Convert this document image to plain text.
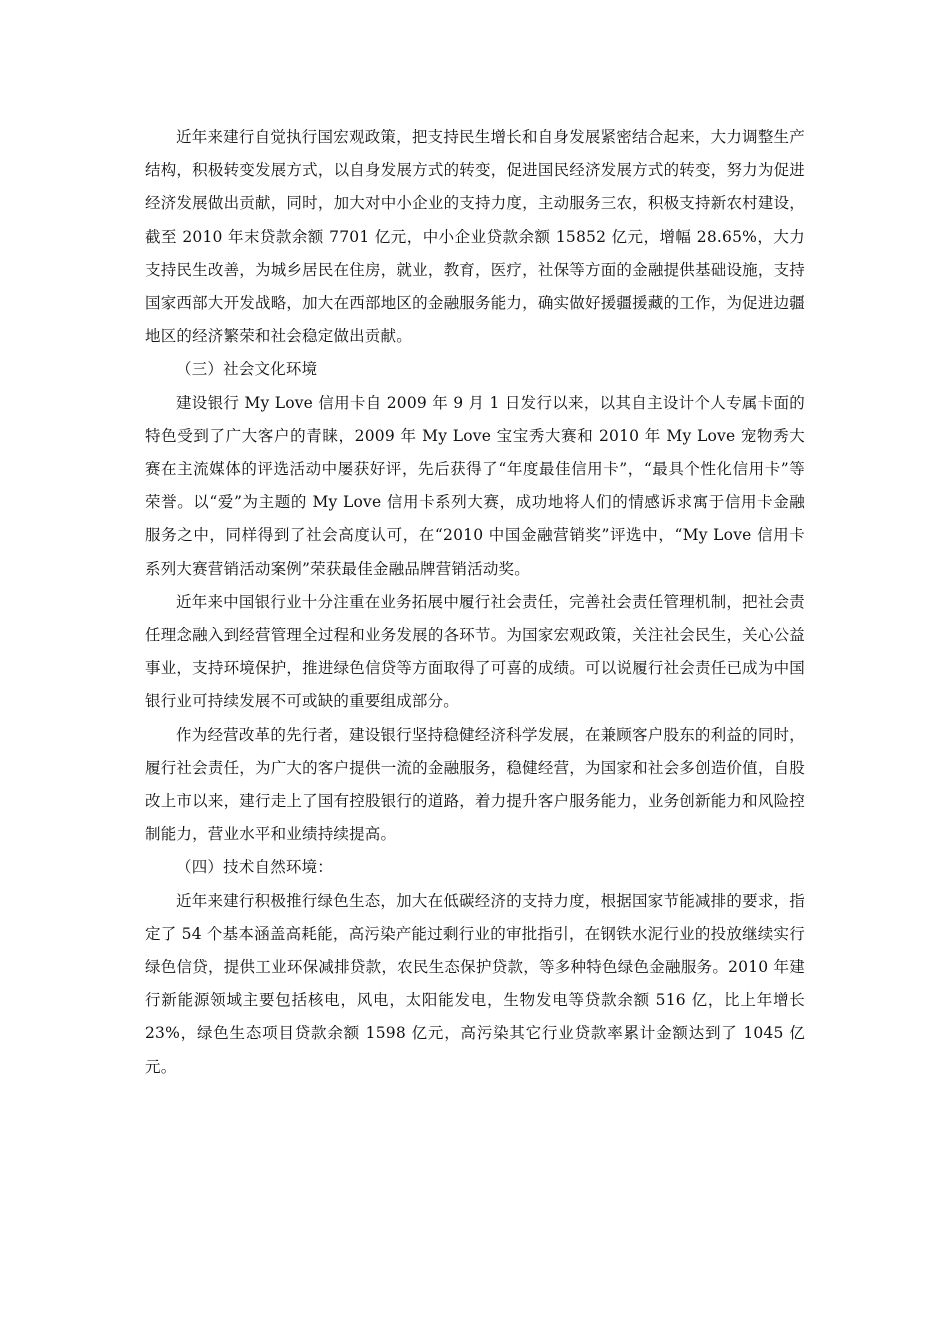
近年来建行自觉执行国宏观政策，把支持民生增长和自身发展紧密结合起来，大力调整生产结构，积极转变发展方式，以自身发展方式的转变，促进国民经济发展方式的转变，努力为促进经济发展做出贡献，同时，加大对中小企业的支持力度，主动服务三农，积极支持新农村建设，截至 2010 年末贷款余额 7701 亿元，中小企业贷款余额 15852 亿元，增幅 28.65%，大力支持民生改善，为城乡居民在住房，就业，教育，医疗，社保等方面的金融提供基础设施，支持国家西部大开发战略，加大在西部地区的金融服务能力，确实做好援疆援藏的工作，为促进边疆地区的经济繁荣和社会稳定做出贡献。

（三）社会文化环境

建设银行 My Love 信用卡自 2009 年 9 月 1 日发行以来，以其自主设计个人专属卡面的特色受到了广大客户的青睐，2009 年 My Love 宝宝秀大赛和 2010 年 My Love 宠物秀大赛在主流媒体的评选活动中屡获好评，先后获得了“年度最佳信用卡”，“最具个性化信用卡”等荣誉。以“爱”为主题的 My Love 信用卡系列大赛，成功地将人们的情感诉求寓于信用卡金融服务之中，同样得到了社会高度认可，在“2010 中国金融营销奖”评选中，“My Love 信用卡系列大赛营销活动案例”荣获最佳金融品牌营销活动奖。

近年来中国银行业十分注重在业务拓展中履行社会责任，完善社会责任管理机制，把社会责任理念融入到经营管理全过程和业务发展的各环节。为国家宏观政策，关注社会民生，关心公益事业，支持环境保护，推进绿色信贷等方面取得了可喜的成绩。可以说履行社会责任已成为中国银行业可持续发展不可或缺的重要组成部分。

作为经营改革的先行者，建设银行坚持稳健经济科学发展，在兼顾客户股东的利益的同时，履行社会责任，为广大的客户提供一流的金融服务，稳健经营，为国家和社会多创造价值，自股改上市以来，建行走上了国有控股银行的道路，着力提升客户服务能力，业务创新能力和风险控制能力，营业水平和业绩持续提高。

（四）技术自然环境：

近年来建行积极推行绿色生态，加大在低碳经济的支持力度，根据国家节能减排的要求，指定了 54 个基本涵盖高耗能，高污染产能过剩行业的审批指引，在钢铁水泥行业的投放继续实行绿色信贷，提供工业环保减排贷款，农民生态保护贷款，等多种特色绿色金融服务。2010 年建行新能源领域主要包括核电，风电，太阳能发电，生物发电等贷款余额 516 亿，比上年增长 23%，绿色生态项目贷款余额 1598 亿元，高污染其它行业贷款率累计金额达到了 1045 亿元。
